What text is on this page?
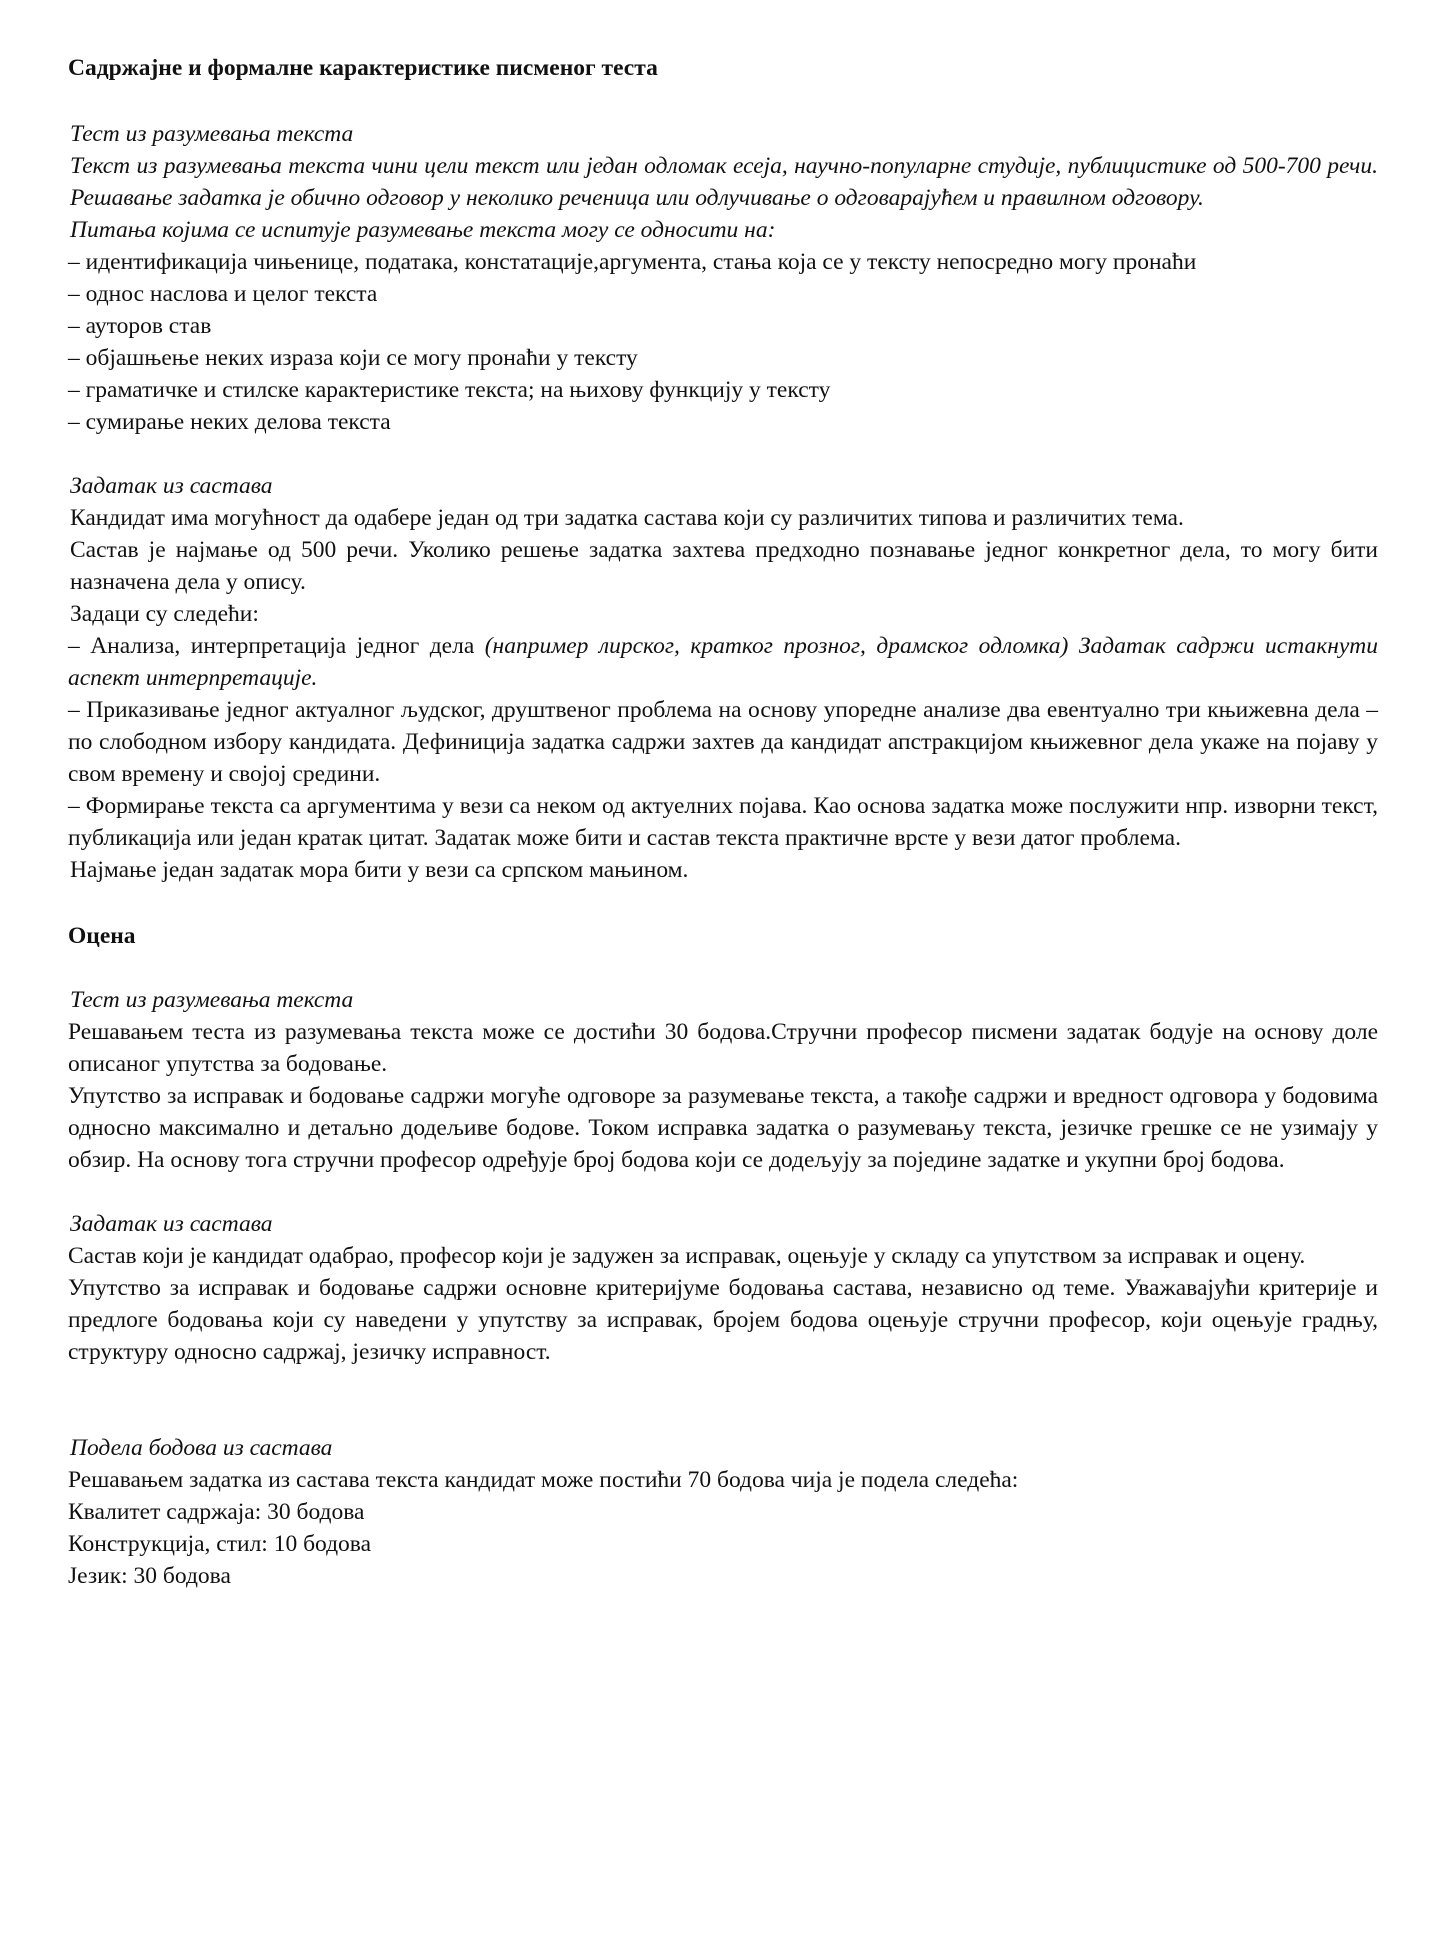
Садржајне и формалне карактеристике писменог теста

Тест из разумевања текста
Текст из разумевања текста чини цели текст или један одломак есеја, научно-популарне студије, публицистике од 500-700 речи. Решавање задатка је обично одговор у неколико реченица или одлучивање о одговарајућем и правилном одговору.
Питања којима се испитује разумевање текста могу се односити на:
– идентификација чињенице, података, констатације,аргумента, стања која се у тексту непосредно могу пронаћи
– однос наслова и целог текста
– ауторов став
– објашњење неких израза који се могу пронаћи у тексту
– граматичке и стилске карактеристике текста; на њихову функцију у тексту
– сумирање неких делова текста
Задатак из састава
Кандидат има могућност да одабере један од три задатка састава који су различитих типова и различитих тема.
Састав је најмање од 500 речи. Уколико решење задатка захтева предходно познавање једног конкретног дела, то могу бити назначена дела у опису.
Задаци су следећи:
– Анализа, интерпретација једног дела (например лирског, кратког прозног, драмског одломка) Задатак садржи истакнути аспект интерпретације.
– Приказивање једног актуалног људског, друштвеног проблема на основу упоредне анализе два евентуално три књижевна дела – по слободном избору кандидата. Дефиниција задатка садржи захтев да кандидат апстракцијом књижевног дела укаже на појаву у свом времену и својој средини.
– Формирање текста са аргументима у вези са неком од актуелних појава. Као основа задатка може послужити нпр. изворни текст, публикација или један кратак цитат. Задатак може бити и састав текста практичне врсте у вези датог проблема.
Најмање један задатак мора бити у вези са српском мањином.

Оцена

Тест из разумевања текста
Решавањем теста из разумевања текста може се достићи 30 бодова.Стручни професор писмени задатак бодује на основу доле описаног упутства за бодовање.
Упутство за исправак и бодовање садржи могуће одговоре за разумевање текста, а такође садржи и вредност одговора у бодовима односно максимално и детаљно додељиве бодове. Током исправка задатка о разумевању текста, језичке грешке се не узимају у обзир. На основу тога стручни професор одређује број бодова који се додељују за поједине задатке и укупни број бодова.
Задатак из састава
Састав који је кандидат одабрао, професор који је задужен за исправак, оцењује у складу са упутством за исправак и оцену.
Упутство за исправак и бодовање садржи основне критеријуме бодовања састава, независно од теме. Уважавајући критерије и предлоге бодовања који су наведени у упутству за исправак, бројем бодова оцењује стручни професор, који оцењује градњу, структуру односно садржај, језичку исправност.
Подела бодова из састава
Решавањем задатка из састава текста кандидат може постићи 70 бодова чија је подела следећа:
Квалитет садржаја: 30 бодова
Конструкција, стил: 10 бодова
Језик: 30 бодова
